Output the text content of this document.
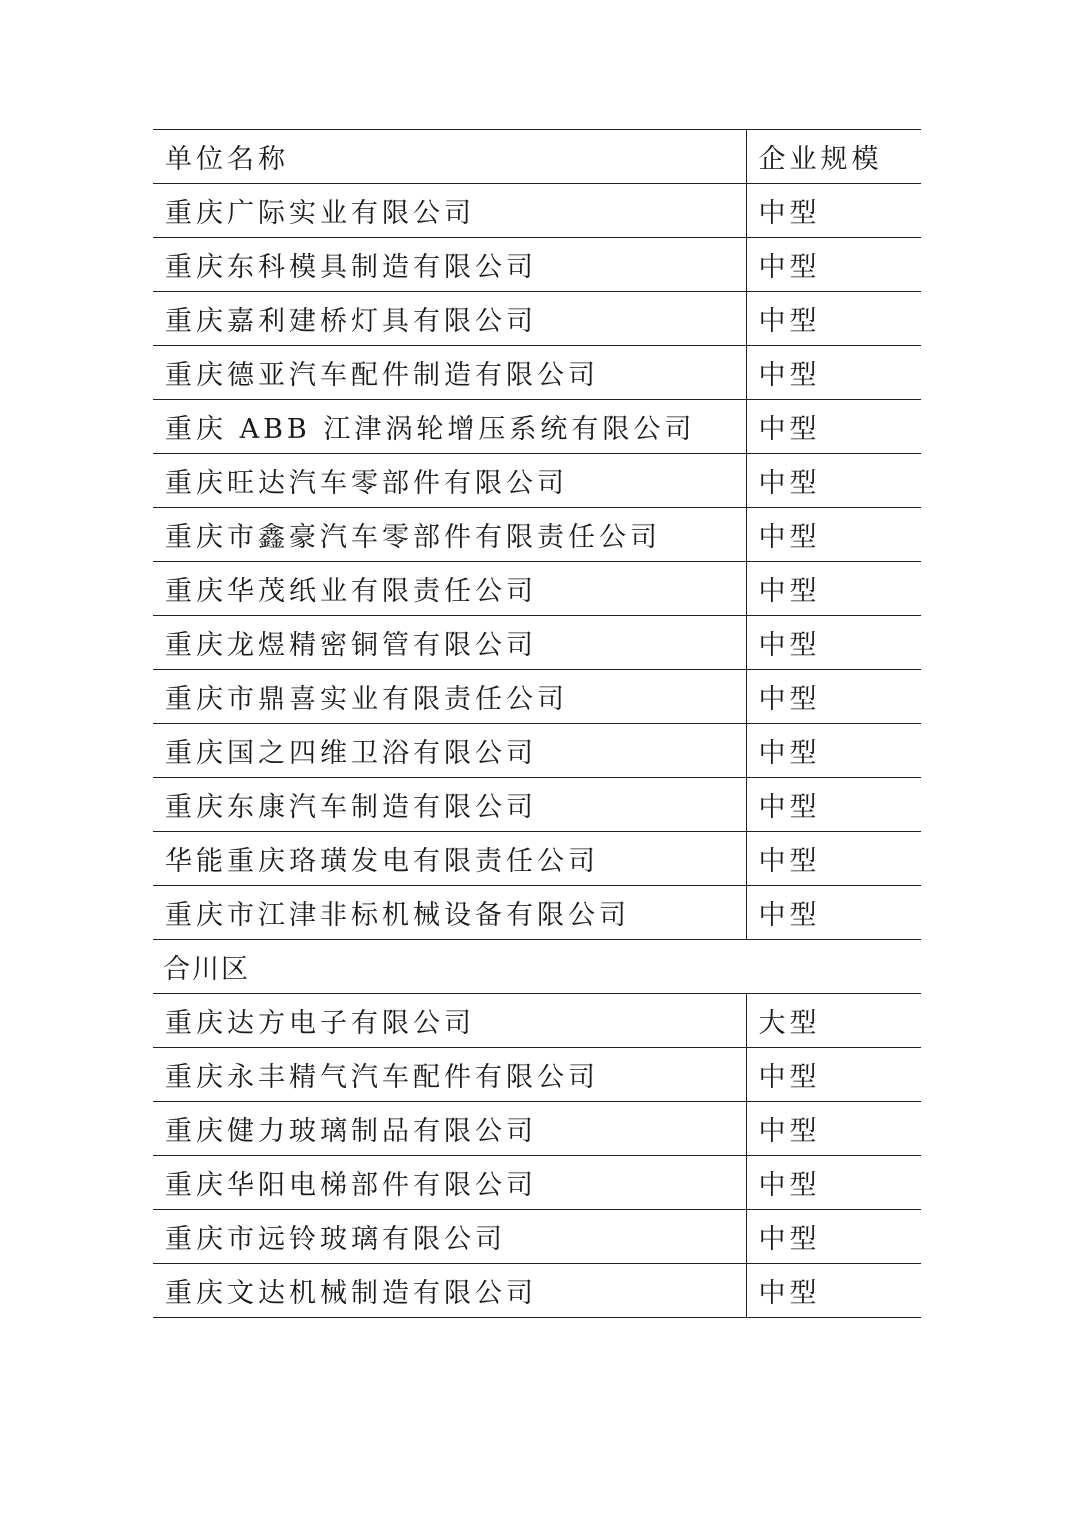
单位名称	企业规模
重庆广际实业有限公司	中型
重庆东科模具制造有限公司	中型
重庆嘉利建桥灯具有限公司	中型
重庆德亚汽车配件制造有限公司	中型
重庆 ABB 江津涡轮增压系统有限公司	中型
重庆旺达汽车零部件有限公司	中型
重庆市鑫豪汽车零部件有限责任公司	中型
重庆华茂纸业有限责任公司	中型
重庆龙煜精密铜管有限公司	中型
重庆市鼎喜实业有限责任公司	中型
重庆国之四维卫浴有限公司	中型
重庆东康汽车制造有限公司	中型
华能重庆珞璜发电有限责任公司	中型
重庆市江津非标机械设备有限公司	中型
合川区	
重庆达方电子有限公司	大型
重庆永丰精气汽车配件有限公司	中型
重庆健力玻璃制品有限公司	中型
重庆华阳电梯部件有限公司	中型
重庆市远铃玻璃有限公司	中型
重庆文达机械制造有限公司	中型
